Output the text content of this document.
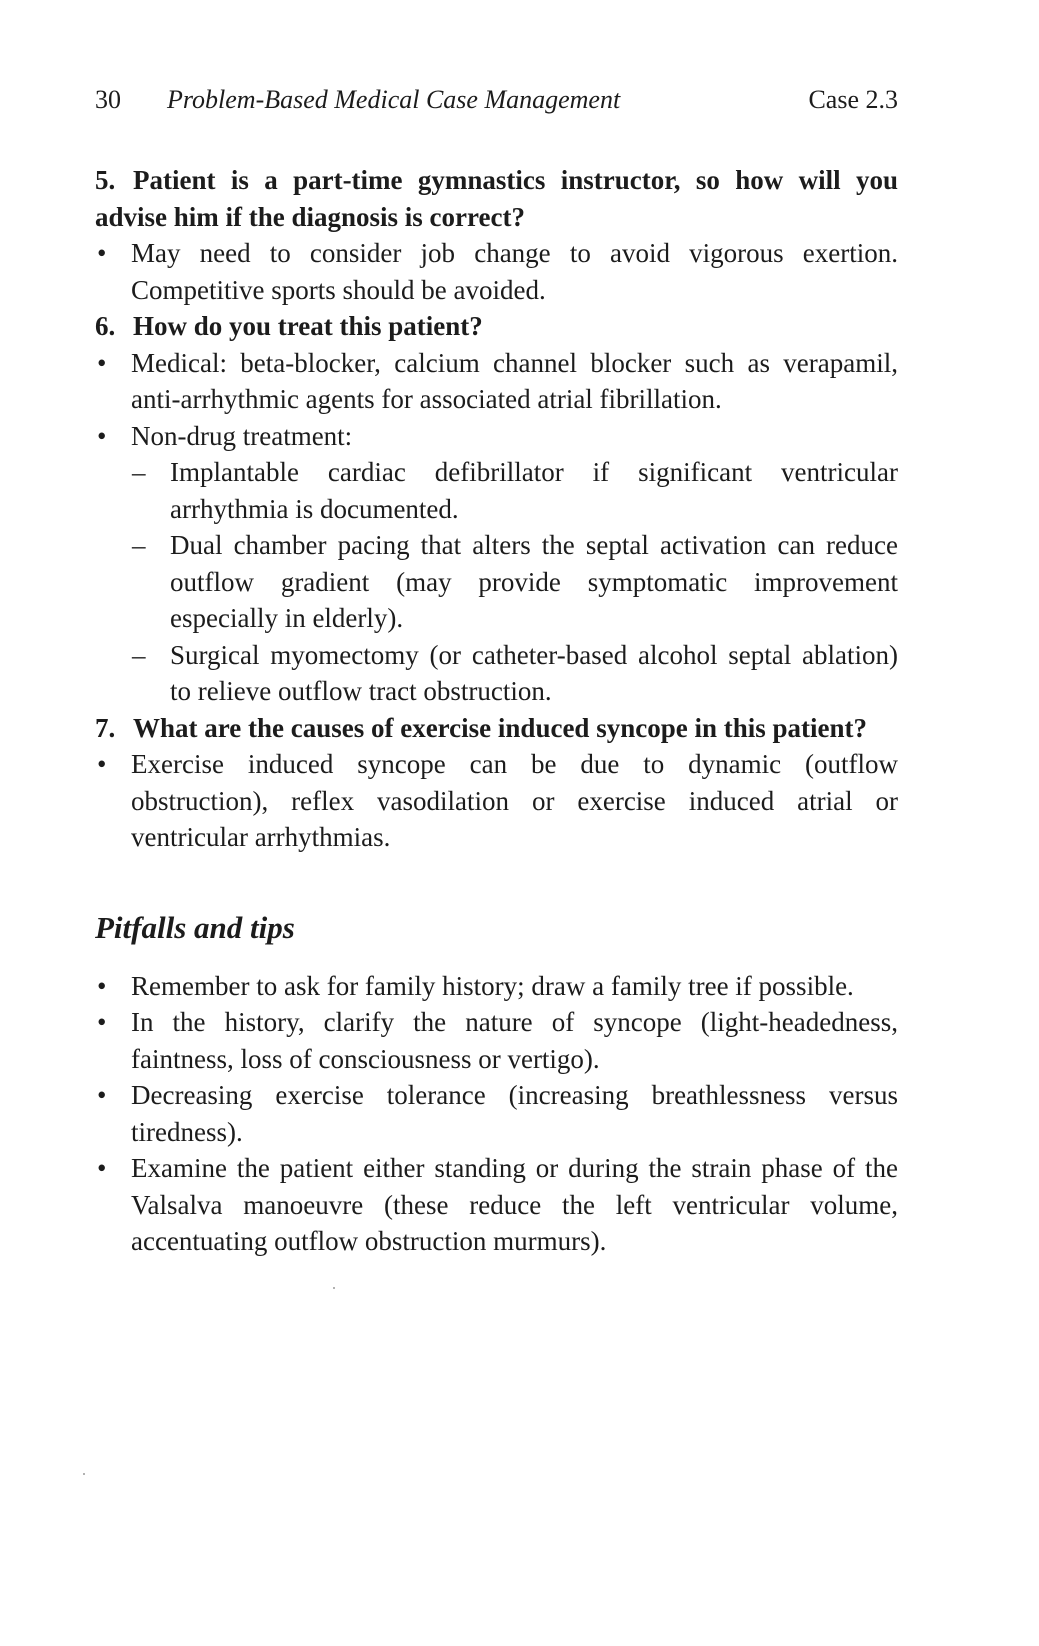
30 Problem-Based Medical Case Management	Case 2.3
5. Patient is a part-time gymnastics instructor, so how will you advise him if the diagnosis is correct?
• May need to consider job change to avoid vigorous exertion. Competitive sports should be avoided.
6. How do you treat this patient?
• Medical: beta-blocker, calcium channel blocker such as verapamil, anti-arrhythmic agents for associated atrial fibrillation.
• Non-drug treatment:
– Implantable cardiac defibrillator if significant ventricular arrhythmia is documented.
– Dual chamber pacing that alters the septal activation can reduce outflow gradient (may provide symptomatic improvement especially in elderly).
– Surgical myomectomy (or catheter-based alcohol septal ablation) to relieve outflow tract obstruction.
7. What are the causes of exercise induced syncope in this patient?
• Exercise induced syncope can be due to dynamic (outflow obstruction), reflex vasodilation or exercise induced atrial or ventricular arrhythmias.
Pitfalls and tips
• Remember to ask for family history; draw a family tree if possible.
• In the history, clarify the nature of syncope (light-headedness, faintness, loss of consciousness or vertigo).
• Decreasing exercise tolerance (increasing breathlessness versus tiredness).
• Examine the patient either standing or during the strain phase of the Valsalva manoeuvre (these reduce the left ventricular volume, accentuating outflow obstruction murmurs).
